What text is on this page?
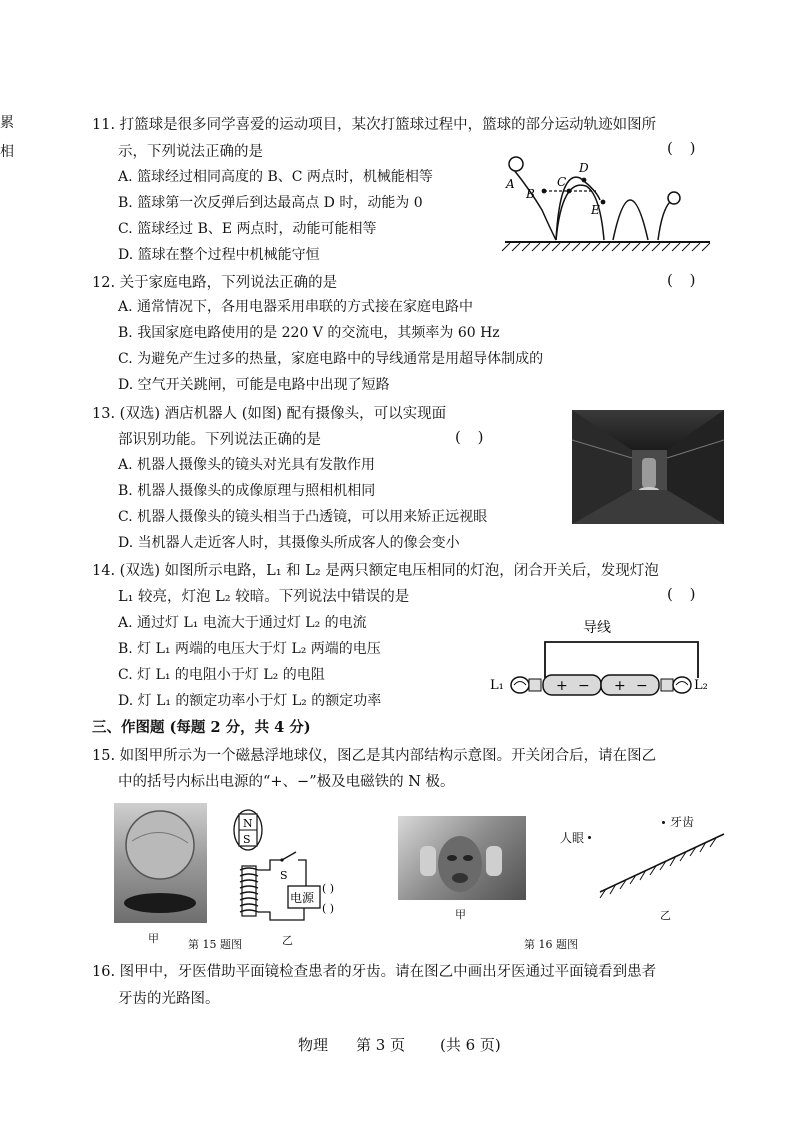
累
相
11. 打篮球是很多同学喜爱的运动项目，某次打篮球过程中，篮球的部分运动轨迹如图所
示，下列说法正确的是	( )
A. 篮球经过相同高度的 B、C 两点时，机械能相等
B. 篮球第一次反弹后到达最高点 D 时，动能为 0
C. 篮球经过 B、E 两点时，动能可能相等
D. 篮球在整个过程中机械能守恒
A
B
C
D
E
12. 关于家庭电路，下列说法正确的是	( )
A. 通常情况下，各用电器采用串联的方式接在家庭电路中
B. 我国家庭电路使用的是 220 V 的交流电，其频率为 60 Hz
C. 为避免产生过多的热量，家庭电路中的导线通常是用超导体制成的
D. 空气开关跳闸，可能是电路中出现了短路
13. (双选) 酒店机器人 (如图) 配有摄像头，可以实现面
部识别功能。下列说法正确的是	( )
A. 机器人摄像头的镜头对光具有发散作用
B. 机器人摄像头的成像原理与照相机相同
C. 机器人摄像头的镜头相当于凸透镜，可以用来矫正远视眼
D. 当机器人走近客人时，其摄像头所成客人的像会变小
14. (双选) 如图所示电路，L₁ 和 L₂ 是两只额定电压相同的灯泡，闭合开关后，发现灯泡
L₁ 较亮，灯泡 L₂ 较暗。下列说法中错误的是	( )
A. 通过灯 L₁ 电流大于通过灯 L₂ 的电流
B. 灯 L₁ 两端的电压大于灯 L₂ 两端的电压
C. 灯 L₁ 的电阻小于灯 L₂ 的电阻
D. 灯 L₁ 的额定功率小于灯 L₂ 的额定功率
导线
+ − + −
L₁	L₂
三、作图题 (每题 2 分，共 4 分)
15. 如图甲所示为一个磁悬浮地球仪，图乙是其内部结构示意图。开关闭合后，请在图乙
中的括号内标出电源的“+、−”极及电磁铁的 N 极。
甲
N
S
S
电源
( )
( )
第 15 题图	乙
甲
人眼
牙齿
乙
第 16 题图
16. 图甲中，牙医借助平面镜检查患者的牙齿。请在图乙中画出牙医通过平面镜看到患者
牙齿的光路图。
物理 第 3 页 (共 6 页)
